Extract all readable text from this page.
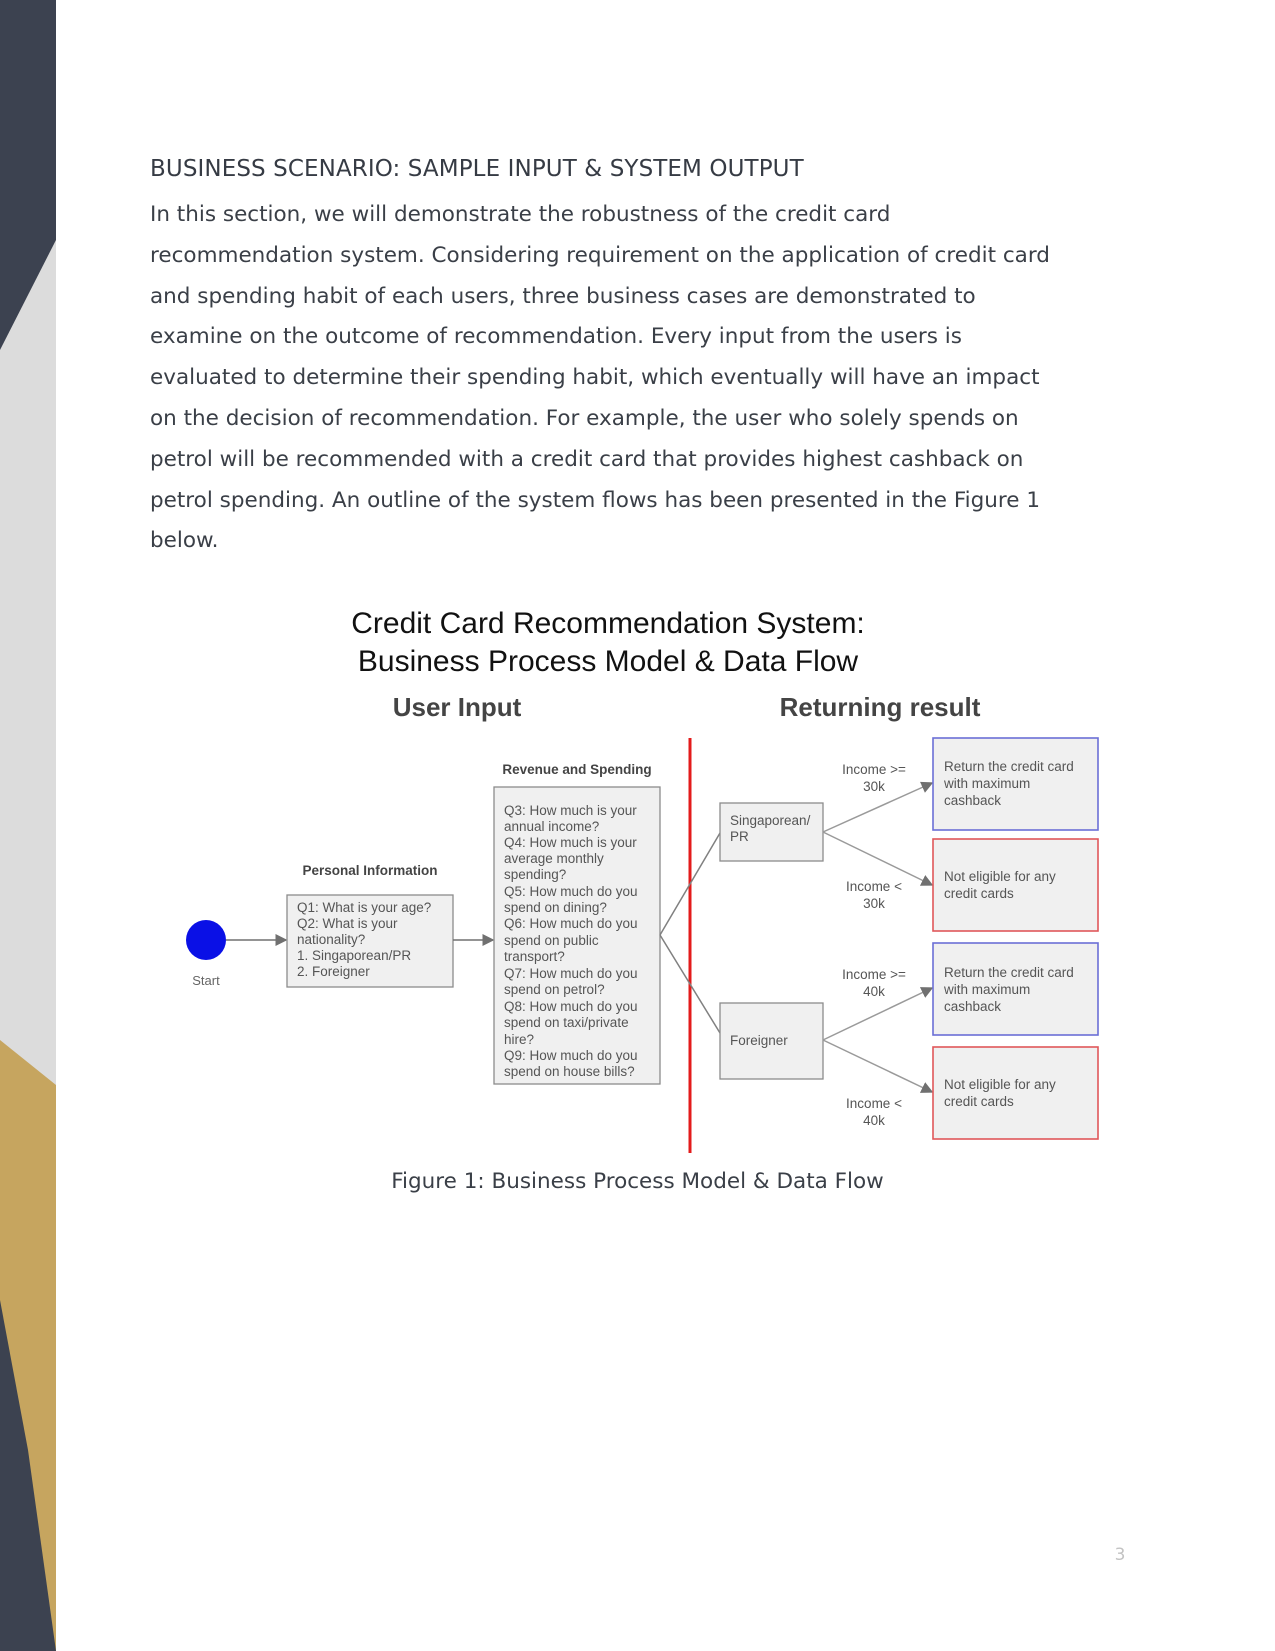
BUSINESS SCENARIO: SAMPLE INPUT & SYSTEM OUTPUT

In this section, we will demonstrate the robustness of the credit card

recommendation system. Considering requirement on the application of credit card

and spending habit of each users, three business cases are demonstrated to

examine on the outcome of recommendation. Every input from the users is

evaluated to determine their spending habit, which eventually will have an impact

on the decision of recommendation. For example, the user who solely spends on

petrol will be recommended with a credit card that provides highest cashback on

petrol spending. An outline of the system flows has been presented in the Figure 1

below.

Credit Card Recommendation System:
Business Process Model & Data Flow
User Input	Returning result
Start
Personal Information
Q1: What is your age?
Q2: What is your
nationality?
1. Singaporean/PR
2. Foreigner
Revenue and Spending
Q3: How much is your
annual income?
Q4: How much is your
average monthly
spending?
Q5: How much do you
spend on dining?
Q6: How much do you
spend on public
transport?
Q7: How much do you
spend on petrol?
Q8: How much do you
spend on taxi/private
hire?
Q9: How much do you
spend on house bills?
Singaporean/
PR
Foreigner
Income >=
30k
Income <
30k
Income >=
40k
Income <
40k
Return the credit card
with maximum
cashback
Not eligible for any
credit cards
Return the credit card
with maximum
cashback
Not eligible for any
credit cards

Figure 1: Business Process Model & Data Flow

3
